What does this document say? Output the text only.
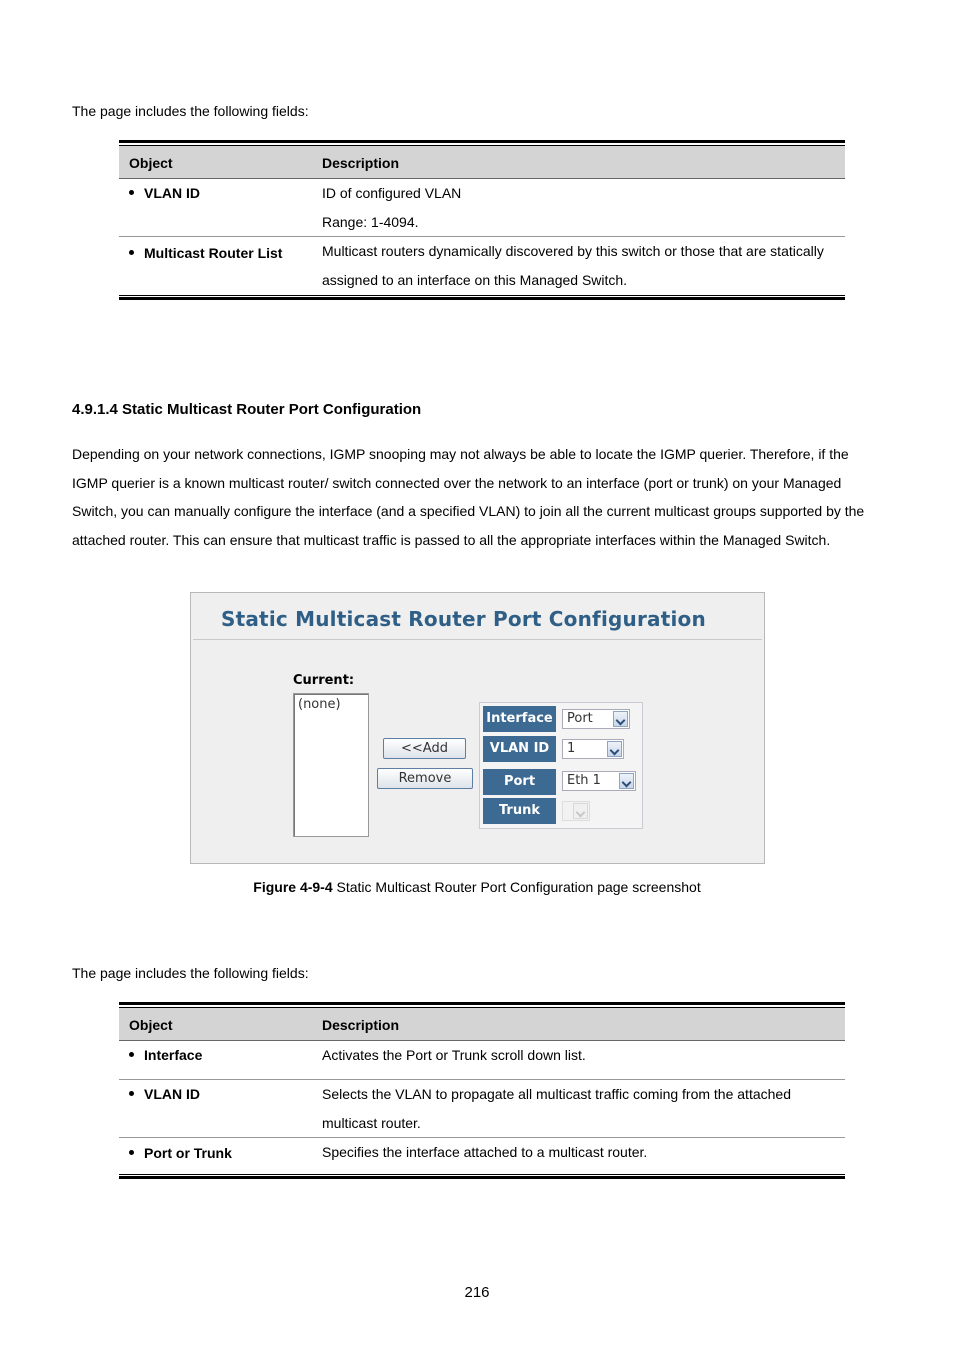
The page includes the following fields:
Object	Description
VLAN ID	ID of configured VLAN
Range: 1-4094.
Multicast Router List	Multicast routers dynamically discovered by this switch or those that are statically
assigned to an interface on this Managed Switch.
4.9.1.4 Static Multicast Router Port Configuration
Depending on your network connections, IGMP snooping may not always be able to locate the IGMP querier. Therefore, if the IGMP querier is a known multicast router/ switch connected over the network to an interface (port or trunk) on your Managed Switch, you can manually configure the interface (and a specified VLAN) to join all the current multicast groups supported by the attached router. This can ensure that multicast traffic is passed to all the appropriate interfaces within the Managed Switch.
Static Multicast Router Port Configuration
Current:
(none)
<<Add
Remove
Interface Port
VLAN ID	1
Port	Eth 1
Trunk
Figure 4-9-4 Static Multicast Router Port Configuration page screenshot
The page includes the following fields:
Object	Description
Interface	Activates the Port or Trunk scroll down list.
VLAN ID	Selects the VLAN to propagate all multicast traffic coming from the attached
multicast router.
Port or Trunk	Specifies the interface attached to a multicast router.
216
